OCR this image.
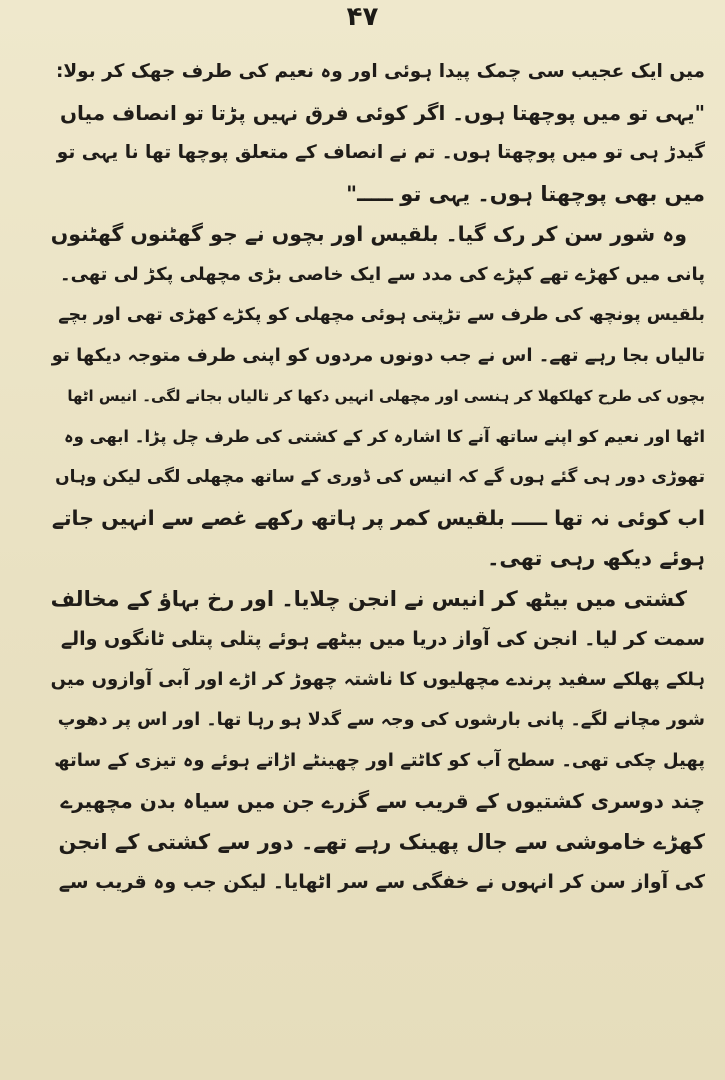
۴۷
میں ایک عجیب سی چمک پیدا ہوئی اور وہ نعیم کی طرف جھک کر بولا:
"یہی تو میں پوچھتا ہوں۔ اگر کوئی فرق نہیں پڑتا تو انصاف میاں
گیدڑ ہی تو میں پوچھتا ہوں۔ تم نے انصاف کے متعلق پوچھا تھا نا یہی تو
میں بھی پوچھتا ہوں۔ یہی تو ـــــ"
وہ شور سن کر رک گیا۔ بلقیس اور بچوں نے جو گھٹنوں گھٹنوں
پانی میں کھڑے تھے کپڑے کی مدد سے ایک خاصی بڑی مچھلی پکڑ لی تھی۔
بلقیس پونچھ کی طرف سے تڑپتی ہوئی مچھلی کو پکڑے کھڑی تھی اور بچے
تالیاں بجا رہے تھے۔ اس نے جب دونوں مردوں کو اپنی طرف متوجہ دیکھا تو
بچوں کی طرح کھلکھلا کر ہنسی اور مچھلی انہیں دکھا کر تالیاں بجانے لگی۔ انیس اٹھا
اٹھا اور نعیم کو اپنے ساتھ آنے کا اشارہ کر کے کشتی کی طرف چل پڑا۔ ابھی وہ
تھوڑی دور ہی گئے ہوں گے کہ انیس کی ڈوری کے ساتھ مچھلی لگی لیکن وہاں
اب کوئی نہ تھا ـــــ بلقیس کمر پر ہاتھ رکھے غصے سے انہیں جاتے
ہوئے دیکھ رہی تھی۔
کشتی میں بیٹھ کر انیس نے انجن چلایا۔ اور رخ بہاؤ کے مخالف
سمت کر لیا۔ انجن کی آواز دریا میں بیٹھے ہوئے پتلی پتلی ٹانگوں والے
ہلکے پھلکے سفید پرندے مچھلیوں کا ناشتہ چھوڑ کر اڑے اور آبی آوازوں میں
شور مچانے لگے۔ پانی بارشوں کی وجہ سے گدلا ہو رہا تھا۔ اور اس پر دھوپ
پھیل چکی تھی۔ سطح آب کو کاٹتے اور چھینٹے اڑاتے ہوئے وہ تیزی کے ساتھ
چند دوسری کشتیوں کے قریب سے گزرے جن میں سیاہ بدن مچھیرے
کھڑے خاموشی سے جال پھینک رہے تھے۔ دور سے کشتی کے انجن
کی آواز سن کر انہوں نے خفگی سے سر اٹھایا۔ لیکن جب وہ قریب سے
